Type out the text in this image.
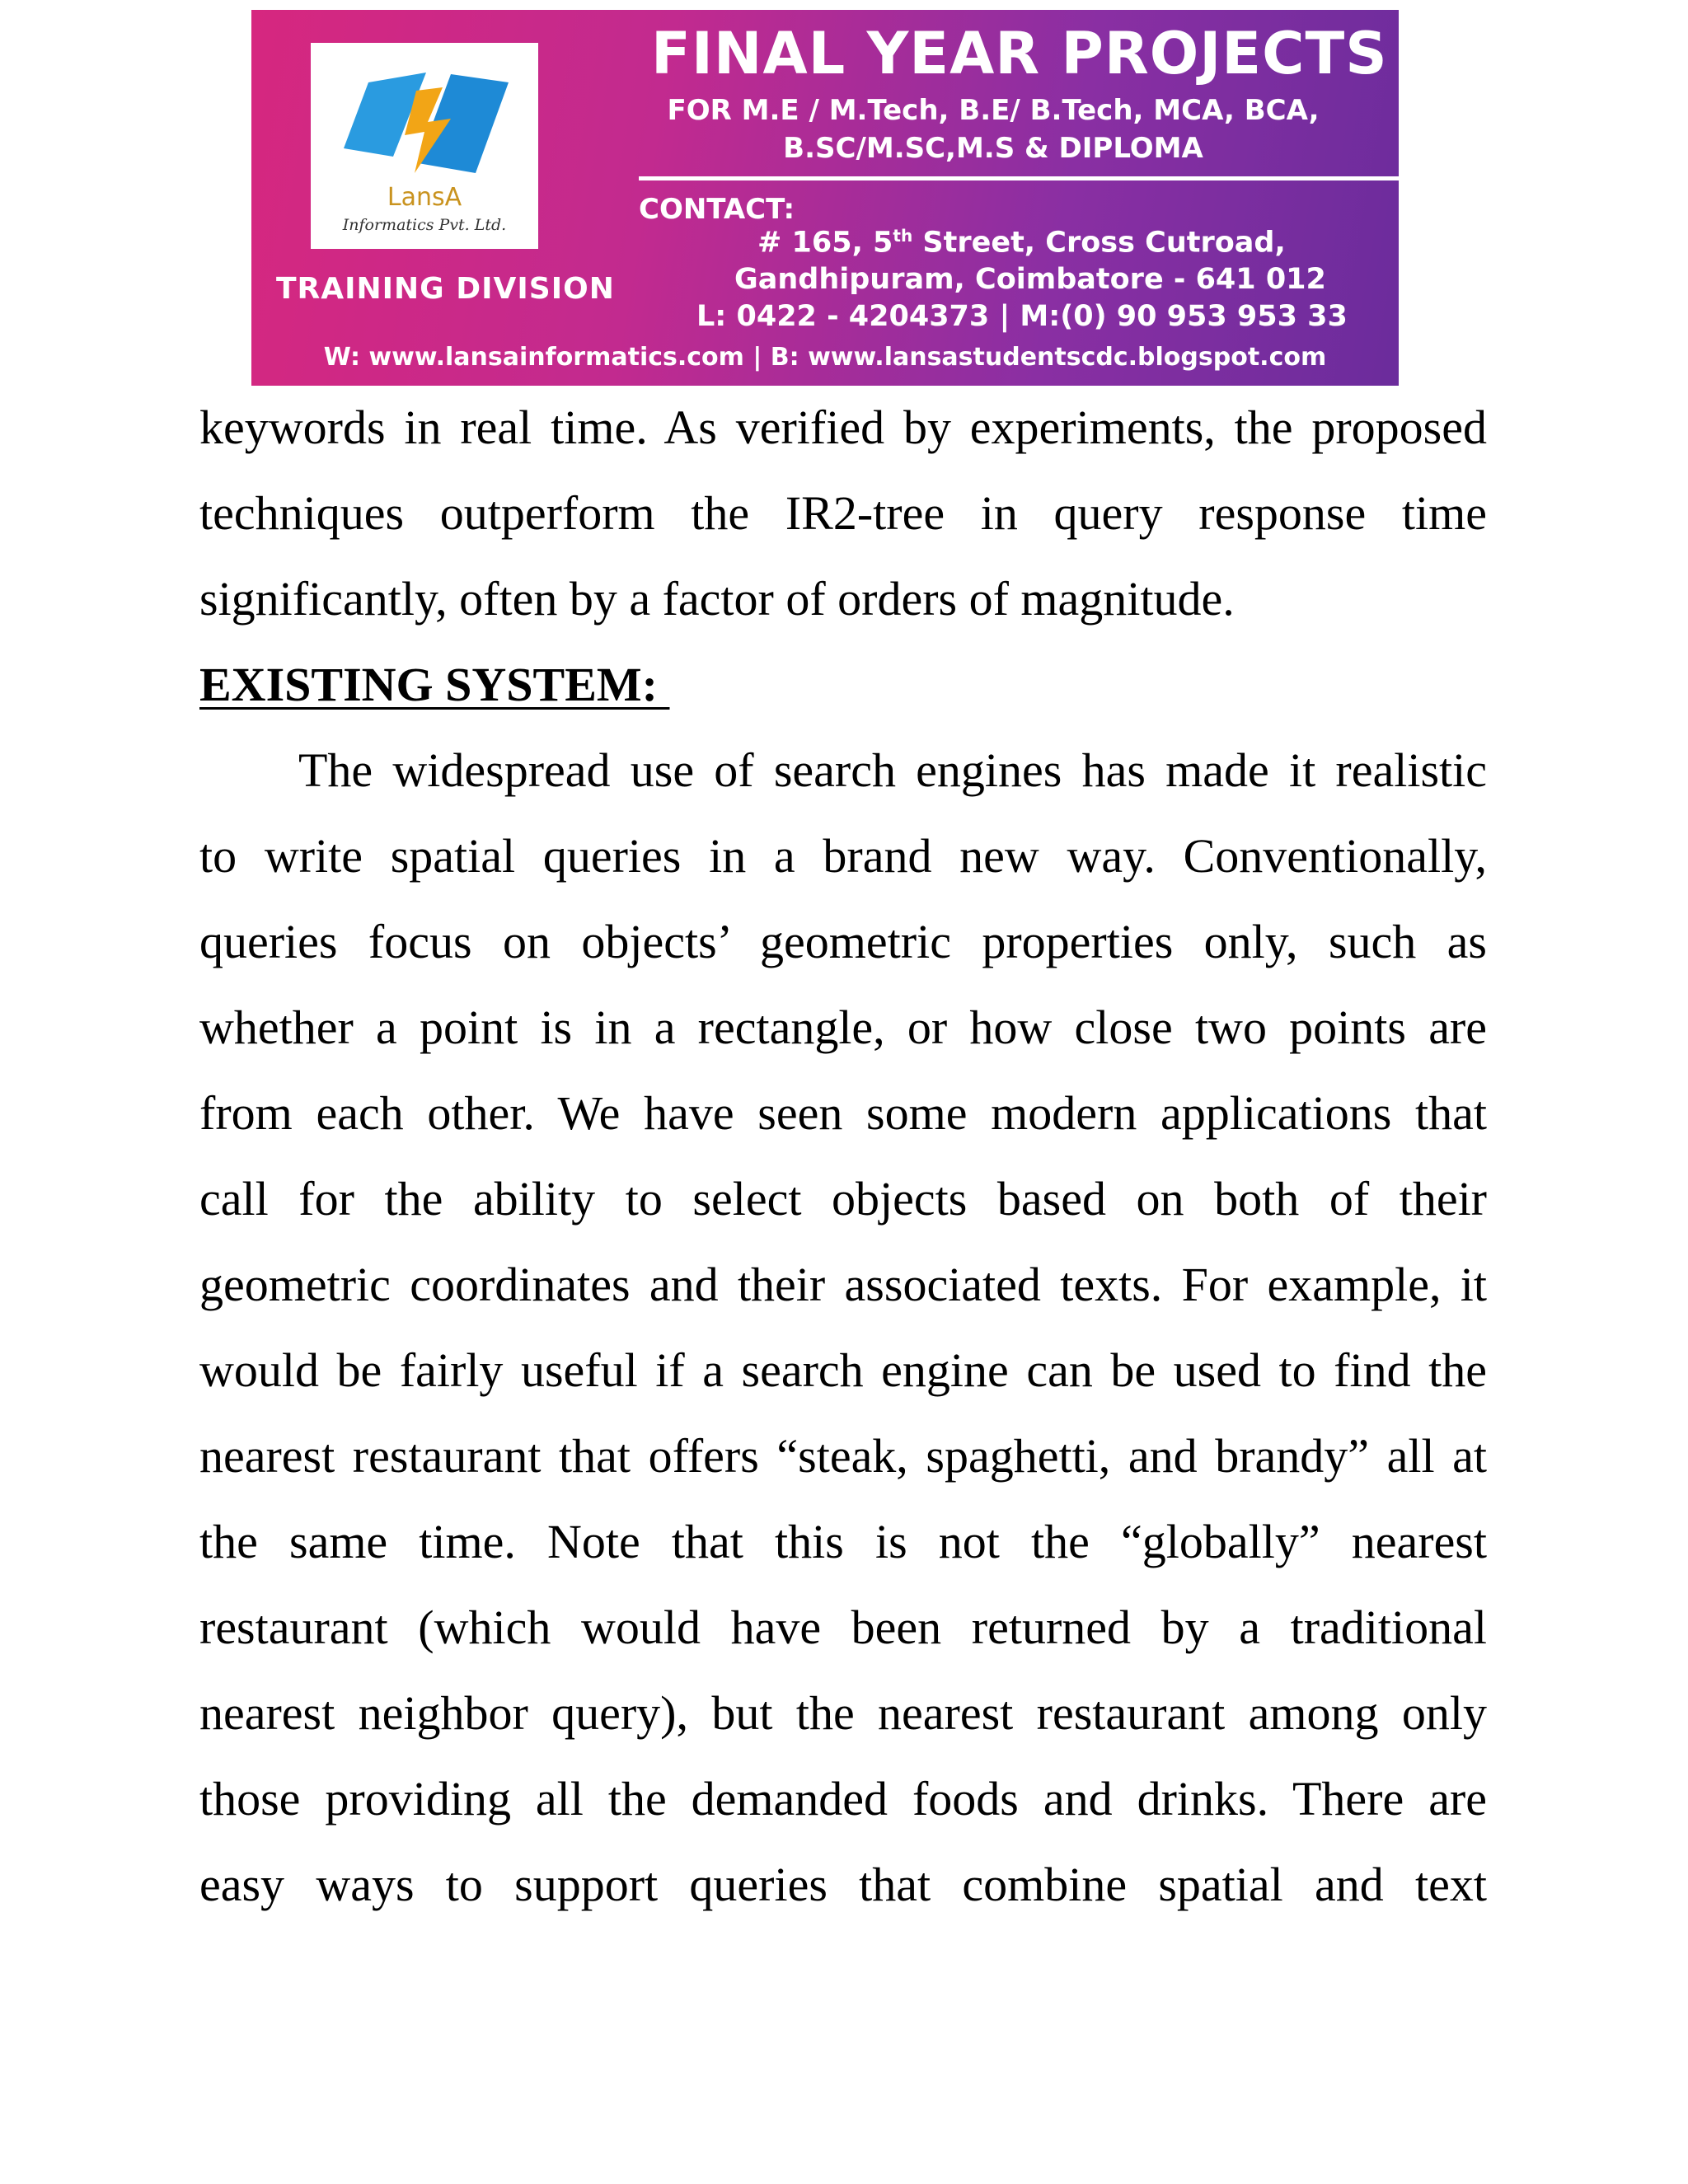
LansA
Informatics Pvt. Ltd.
TRAINING DIVISION
FINAL YEAR PROJECTS
FOR M.E / M.Tech, B.E/ B.Tech, MCA, BCA,
B.SC/M.SC,M.S & DIPLOMA
CONTACT:
# 165, 5th Street, Cross Cutroad,
Gandhipuram, Coimbatore - 641 012
L: 0422 - 4204373 | M:(0) 90 953 953 33
W: www.lansainformatics.com | B: www.lansastudentscdc.blogspot.com
keywords in real time. As verified by experiments, the proposed
techniques outperform the IR2-tree in query response time
significantly, often by a factor of orders of magnitude.
EXISTING SYSTEM:
The widespread use of search engines has made it realistic
to write spatial queries in a brand new way. Conventionally,
queries focus on objects’ geometric properties only, such as
whether a point is in a rectangle, or how close two points are
from each other. We have seen some modern applications that
call for the ability to select objects based on both of their
geometric coordinates and their associated texts. For example, it
would be fairly useful if a search engine can be used to find the
nearest restaurant that offers “steak, spaghetti, and brandy” all at
the same time. Note that this is not the “globally” nearest
restaurant (which would have been returned by a traditional
nearest neighbor query), but the nearest restaurant among only
those providing all the demanded foods and drinks. There are
easy ways to support queries that combine spatial and text
